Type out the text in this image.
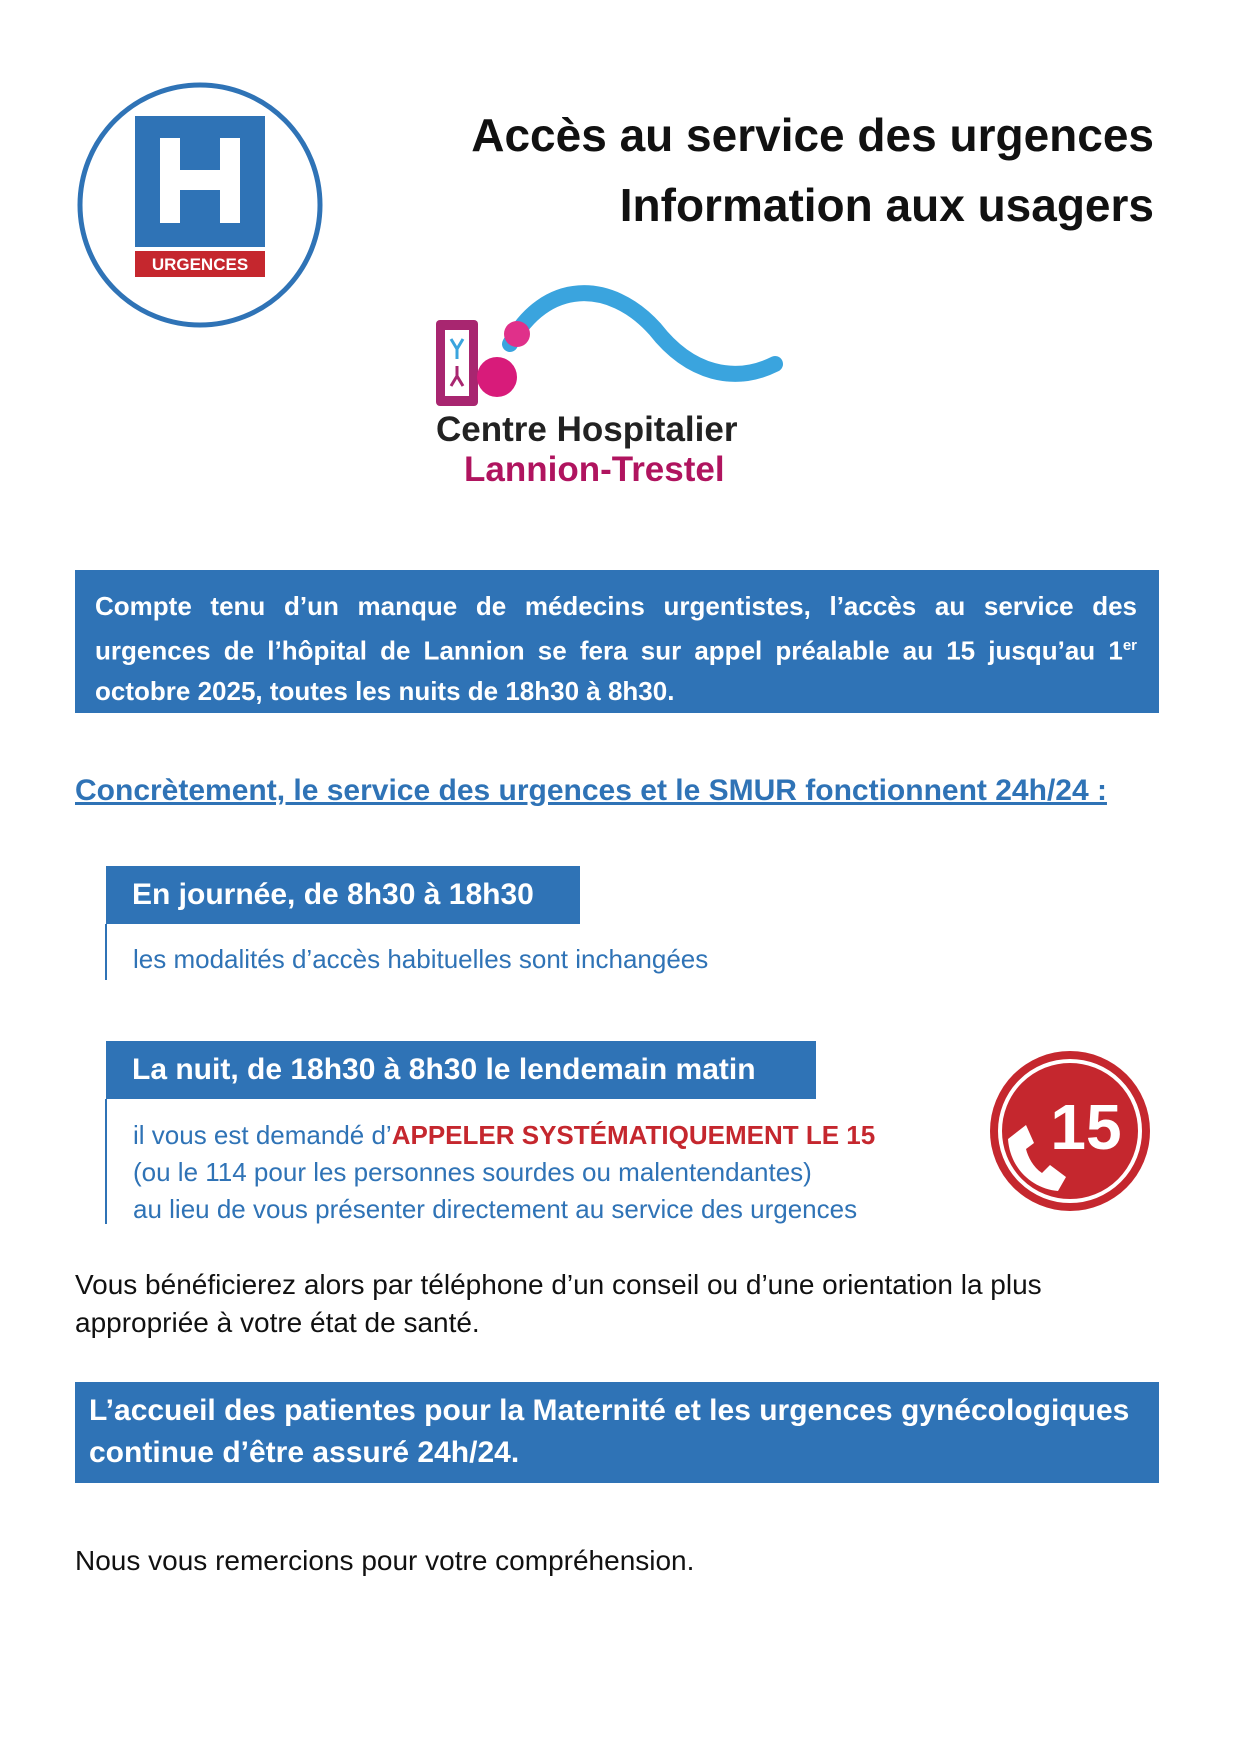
URGENCES
Accès au service des urgences
Information aux usagers
Centre Hospitalier
Lannion-Trestel
Compte tenu d’un manque de médecins urgentistes, l’accès au service des urgences de l’hôpital de Lannion se fera sur appel préalable au 15 jusqu’au 1er octobre 2025, toutes les nuits de 18h30 à 8h30.
Concrètement, le service des urgences et le SMUR fonctionnent 24h/24 :
En journée, de 8h30 à 18h30
les modalités d’accès habituelles sont inchangées
La nuit, de 18h30 à 8h30 le lendemain matin
il vous est demandé d’APPELER SYSTÉMATIQUEMENT LE 15
(ou le 114 pour les personnes sourdes ou malentendantes)
au lieu de vous présenter directement au service des urgences
15
Vous bénéficierez alors par téléphone d’un conseil ou d’une orientation la plus appropriée à votre état de santé.
L’accueil des patientes pour la Maternité et les urgences gynécologiques continue d’être assuré 24h/24.
Nous vous remercions pour votre compréhension.
